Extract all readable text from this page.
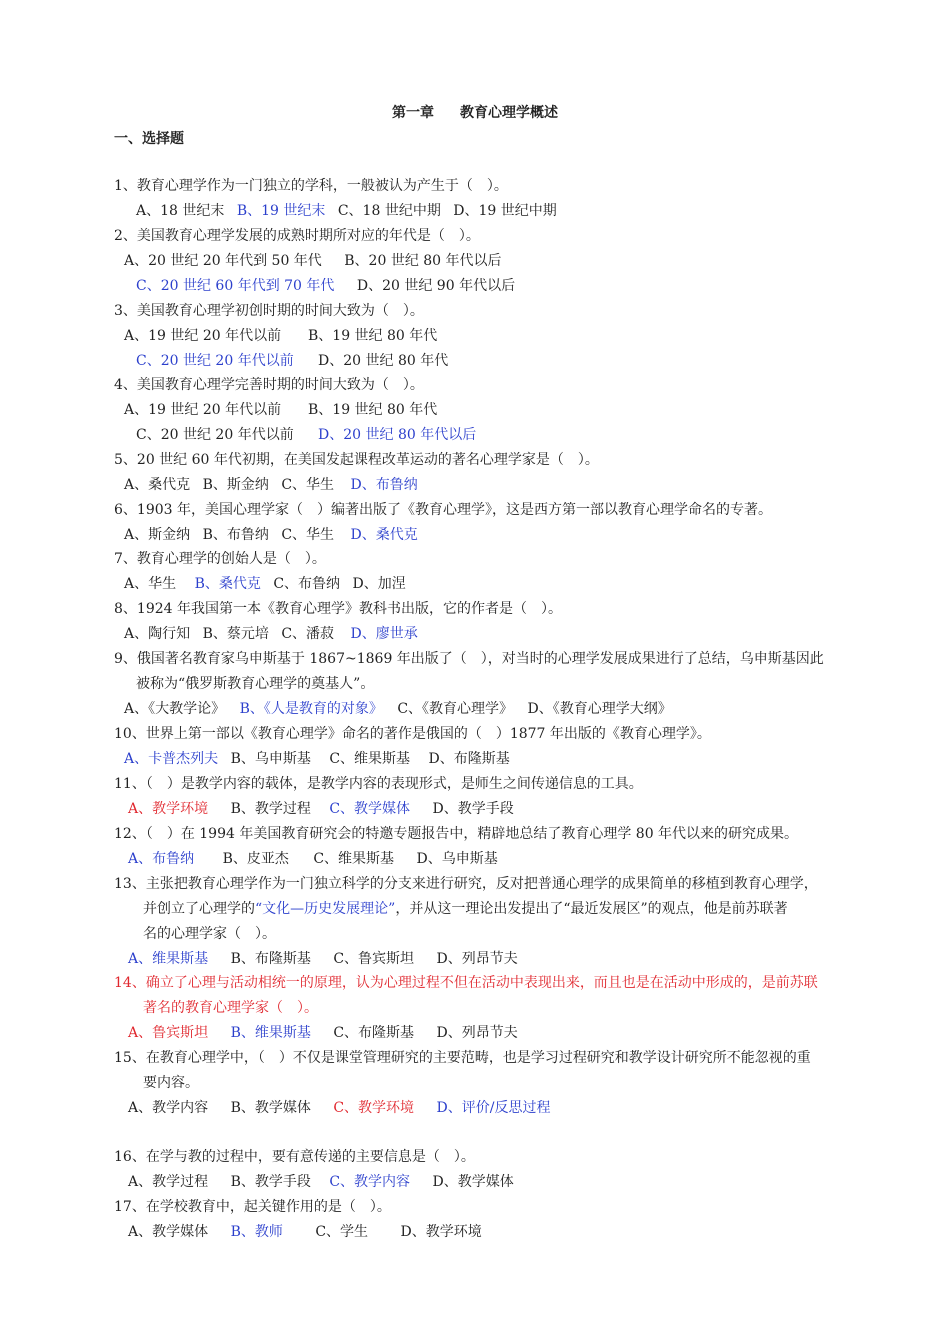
第一章 教育心理学概述
一、选择题
1、教育心理学作为一门独立的学科，一般被认为产生于（　）。
A、18 世纪末 B、19 世纪末 C、18 世纪中期 D、19 世纪中期
2、美国教育心理学发展的成熟时期所对应的年代是（　）。
A、20 世纪 20 年代到 50 年代 B、20 世纪 80 年代以后
C、20 世纪 60 年代到 70 年代 D、20 世纪 90 年代以后
3、美国教育心理学初创时期的时间大致为（　）。
A、19 世纪 20 年代以前 B、19 世纪 80 年代
C、20 世纪 20 年代以前 D、20 世纪 80 年代
4、美国教育心理学完善时期的时间大致为（　）。
A、19 世纪 20 年代以前 B、19 世纪 80 年代
C、20 世纪 20 年代以前 D、20 世纪 80 年代以后
5、20 世纪 60 年代初期，在美国发起课程改革运动的著名心理学家是（　）。
A、桑代克 B、斯金纳 C、华生 D、布鲁纳
6、1903 年，美国心理学家（　）编著出版了《教育心理学》，这是西方第一部以教育心理学命名的专著。
A、斯金纳 B、布鲁纳 C、华生 D、桑代克
7、教育心理学的创始人是（　）。
A、华生 B、桑代克 C、布鲁纳 D、加涅
8、1924 年我国第一本《教育心理学》教科书出版，它的作者是（　）。
A、陶行知 B、蔡元培 C、潘菽 D、廖世承
9、俄国著名教育家乌申斯基于 1867~1869 年出版了（　），对当时的心理学发展成果进行了总结，乌申斯基因此
被称为“俄罗斯教育心理学的奠基人”。
A、《大教学论》 B、《人是教育的对象》 C、《教育心理学》 D、《教育心理学大纲》
10、世界上第一部以《教育心理学》命名的著作是俄国的（　）1877 年出版的《教育心理学》。
A、卡普杰列夫 B、乌申斯基 C、维果斯基 D、布隆斯基
11、（　）是教学内容的载体，是教学内容的表现形式，是师生之间传递信息的工具。
A、教学环境 B、教学过程 C、教学媒体 D、教学手段
12、（　）在 1994 年美国教育研究会的特邀专题报告中，精辟地总结了教育心理学 80 年代以来的研究成果。
A、布鲁纳 B、皮亚杰 C、维果斯基 D、乌申斯基
13、主张把教育心理学作为一门独立科学的分支来进行研究，反对把普通心理学的成果简单的移植到教育心理学，
并创立了心理学的“文化—历史发展理论”，并从这一理论出发提出了“最近发展区”的观点，他是前苏联著
名的心理学家（　）。
A、维果斯基 B、布隆斯基 C、鲁宾斯坦 D、列昂节夫
14、确立了心理与活动相统一的原理，认为心理过程不但在活动中表现出来，而且也是在活动中形成的，是前苏联
著名的教育心理学家（　）。
A、鲁宾斯坦 B、维果斯基 C、布隆斯基 D、列昂节夫
15、在教育心理学中，（　）不仅是课堂管理研究的主要范畴，也是学习过程研究和教学设计研究所不能忽视的重
要内容。
A、教学内容 B、教学媒体 C、教学环境 D、评价/反思过程
16、在学与教的过程中，要有意传递的主要信息是（　）。
A、教学过程 B、教学手段 C、教学内容 D、教学媒体
17、在学校教育中，起关键作用的是（　）。
A、教学媒体 B、教师 C、学生 D、教学环境
